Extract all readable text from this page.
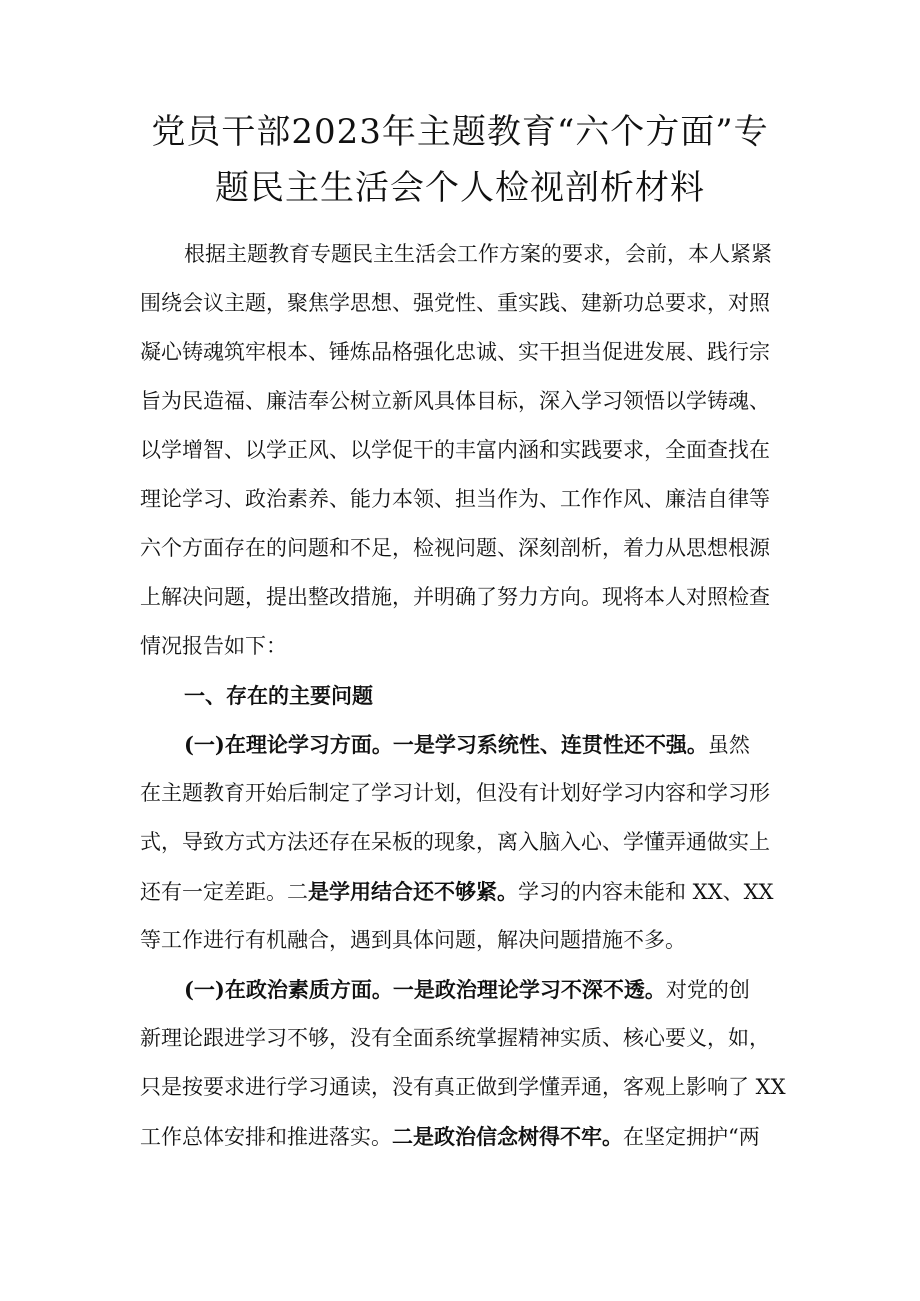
党员干部2023年主题教育“六个方面”专
题民主生活会个人检视剖析材料
根据主题教育专题民主生活会工作方案的要求，会前，本人紧紧
围绕会议主题，聚焦学思想、强党性、重实践、建新功总要求，对照
凝心铸魂筑牢根本、锤炼品格强化忠诚、实干担当促进发展、践行宗
旨为民造福、廉洁奉公树立新风具体目标，深入学习领悟以学铸魂、
以学增智、以学正风、以学促干的丰富内涵和实践要求，全面查找在
理论学习、政治素养、能力本领、担当作为、工作作风、廉洁自律等
六个方面存在的问题和不足，检视问题、深刻剖析，着力从思想根源
上解决问题，提出整改措施，并明确了努力方向。现将本人对照检查
情况报告如下：
一、存在的主要问题
(一)在理论学习方面。一是学习系统性、连贯性还不强。虽然
在主题教育开始后制定了学习计划，但没有计划好学习内容和学习形
式，导致方式方法还存在呆板的现象，离入脑入心、学懂弄通做实上
还有一定差距。二是学用结合还不够紧。学习的内容未能和 XX、XX
等工作进行有机融合，遇到具体问题，解决问题措施不多。
(一)在政治素质方面。一是政治理论学习不深不透。对党的创
新理论跟进学习不够，没有全面系统掌握精神实质、核心要义，如，
只是按要求进行学习通读，没有真正做到学懂弄通，客观上影响了 XX
工作总体安排和推进落实。二是政治信念树得不牢。在坚定拥护“两
